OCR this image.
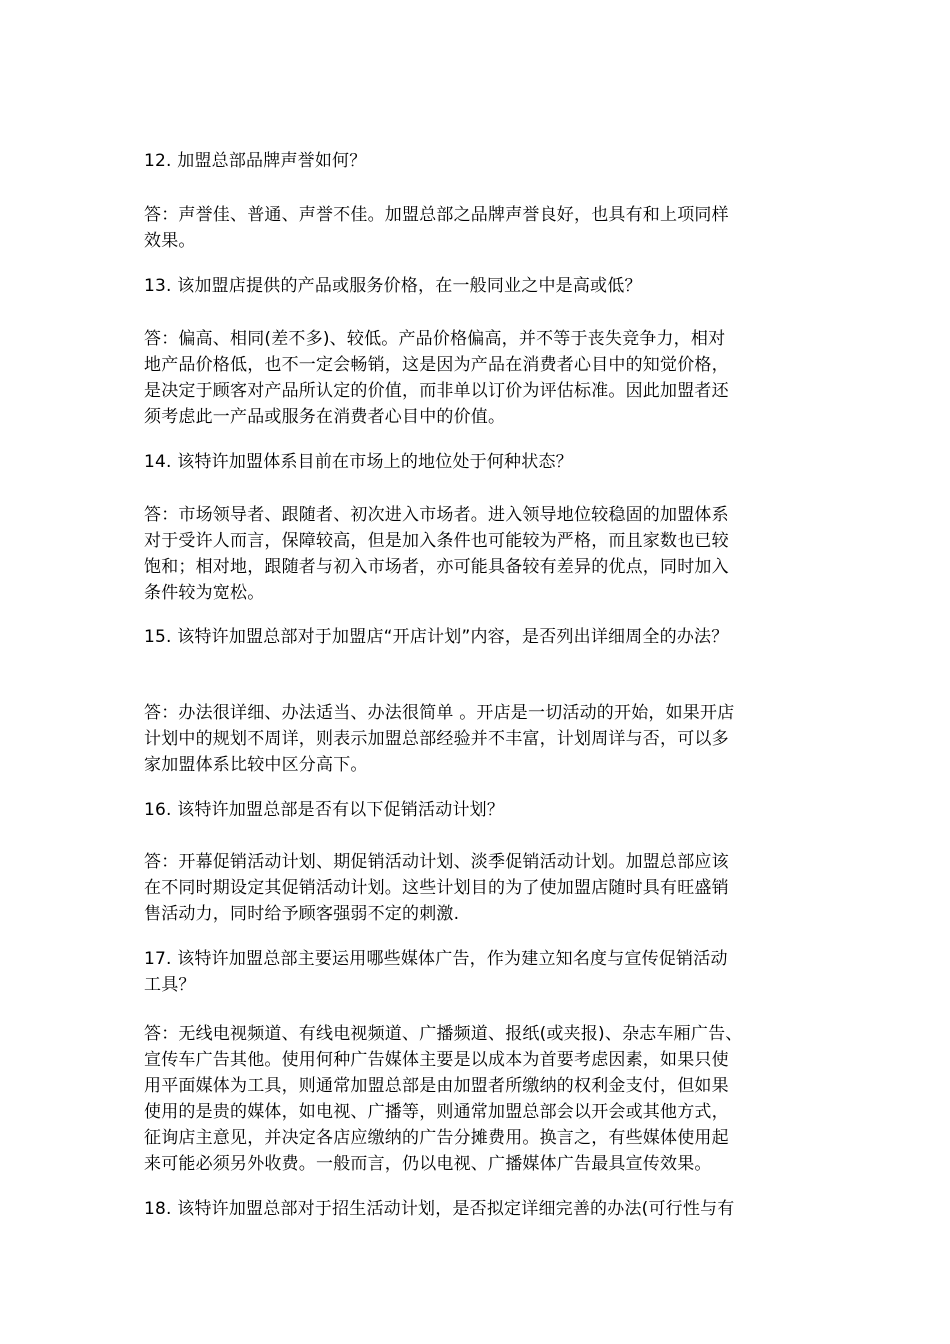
12. 加盟总部品牌声誉如何？
答：声誉佳、普通、声誉不佳。加盟总部之品牌声誉良好，也具有和上项同样
效果。
13. 该加盟店提供的产品或服务价格，在一般同业之中是高或低？
答：偏高、相同(差不多)、较低。产品价格偏高，并不等于丧失竞争力，相对
地产品价格低，也不一定会畅销，这是因为产品在消费者心目中的知觉价格，
是决定于顾客对产品所认定的价值，而非单以订价为评估标准。因此加盟者还
须考虑此一产品或服务在消费者心目中的价值。
14. 该特许加盟体系目前在市场上的地位处于何种状态？
答：市场领导者、跟随者、初次进入市场者。进入领导地位较稳固的加盟体系
对于受许人而言，保障较高，但是加入条件也可能较为严格，而且家数也已较
饱和；相对地，跟随者与初入市场者，亦可能具备较有差异的优点，同时加入
条件较为宽松。
15. 该特许加盟总部对于加盟店“开店计划”内容，是否列出详细周全的办法？
答：办法很详细、办法适当、办法很简单 。开店是一切活动的开始，如果开店
计划中的规划不周详，则表示加盟总部经验并不丰富，计划周详与否，可以多
家加盟体系比较中区分高下。
16. 该特许加盟总部是否有以下促销活动计划？
答：开幕促销活动计划、期促销活动计划、淡季促销活动计划。加盟总部应该
在不同时期设定其促销活动计划。这些计划目的为了使加盟店随时具有旺盛销
售活动力，同时给予顾客强弱不定的刺激.
17. 该特许加盟总部主要运用哪些媒体广告，作为建立知名度与宣传促销活动
工具？
答：无线电视频道、有线电视频道、广播频道、报纸(或夹报)、杂志车厢广告、
宣传车广告其他。使用何种广告媒体主要是以成本为首要考虑因素，如果只使
用平面媒体为工具，则通常加盟总部是由加盟者所缴纳的权利金支付，但如果
使用的是贵的媒体，如电视、广播等，则通常加盟总部会以开会或其他方式，
征询店主意见，并决定各店应缴纳的广告分摊费用。换言之，有些媒体使用起
来可能必须另外收费。一般而言，仍以电视、广播媒体广告最具宣传效果。
18. 该特许加盟总部对于招生活动计划，是否拟定详细完善的办法(可行性与有
